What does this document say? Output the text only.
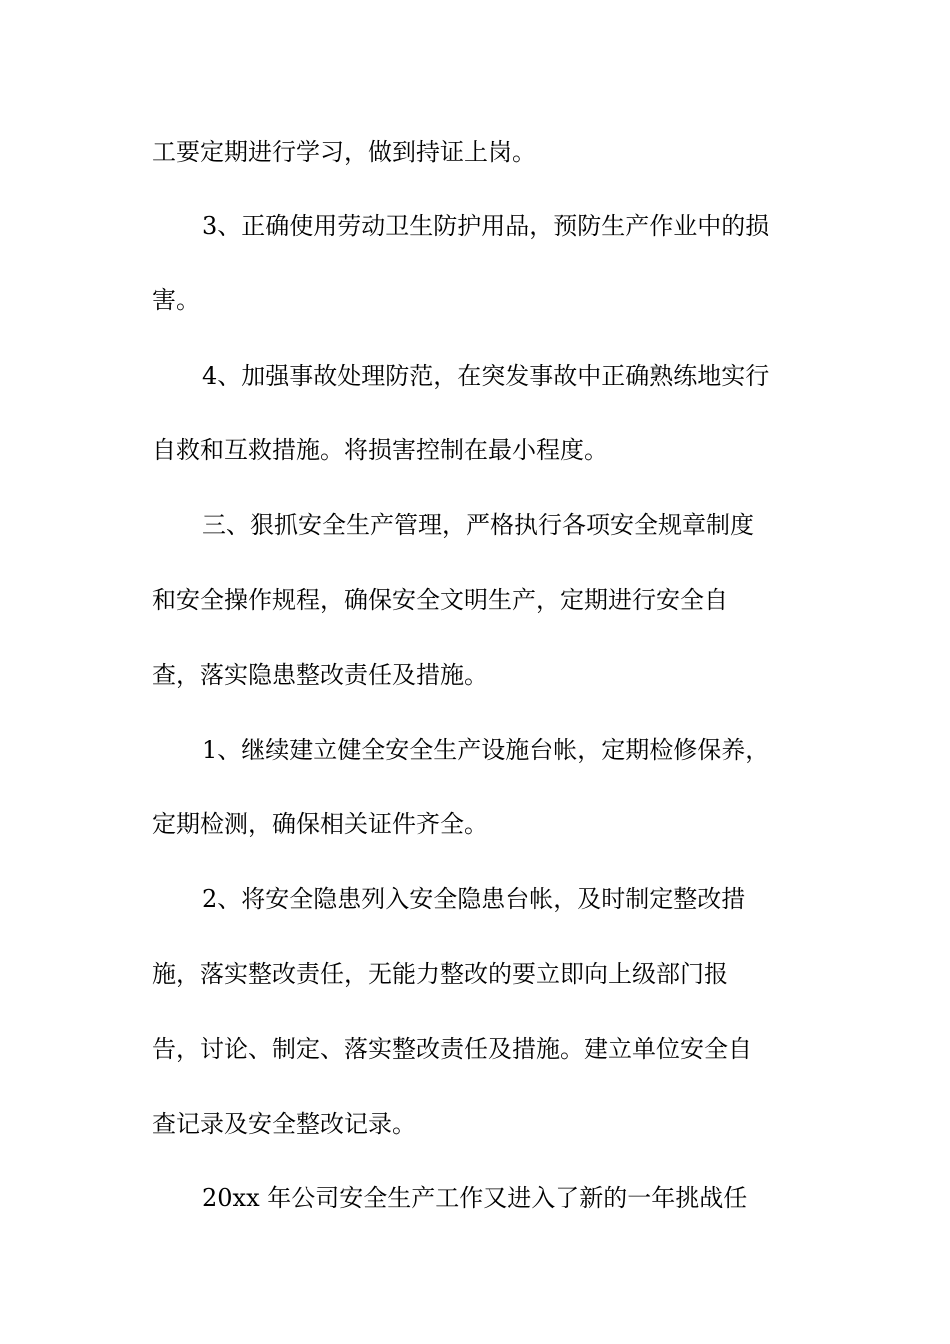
工要定期进行学习，做到持证上岗。
3、正确使用劳动卫生防护用品，预防生产作业中的损
害。
4、加强事故处理防范，在突发事故中正确熟练地实行
自救和互救措施。将损害控制在最小程度。
三、狠抓安全生产管理，严格执行各项安全规章制度
和安全操作规程，确保安全文明生产，定期进行安全自
查，落实隐患整改责任及措施。
1、继续建立健全安全生产设施台帐，定期检修保养，
定期检测，确保相关证件齐全。
2、将安全隐患列入安全隐患台帐，及时制定整改措
施，落实整改责任，无能力整改的要立即向上级部门报
告，讨论、制定、落实整改责任及措施。建立单位安全自
查记录及安全整改记录。
20xx 年公司安全生产工作又进入了新的一年挑战任
